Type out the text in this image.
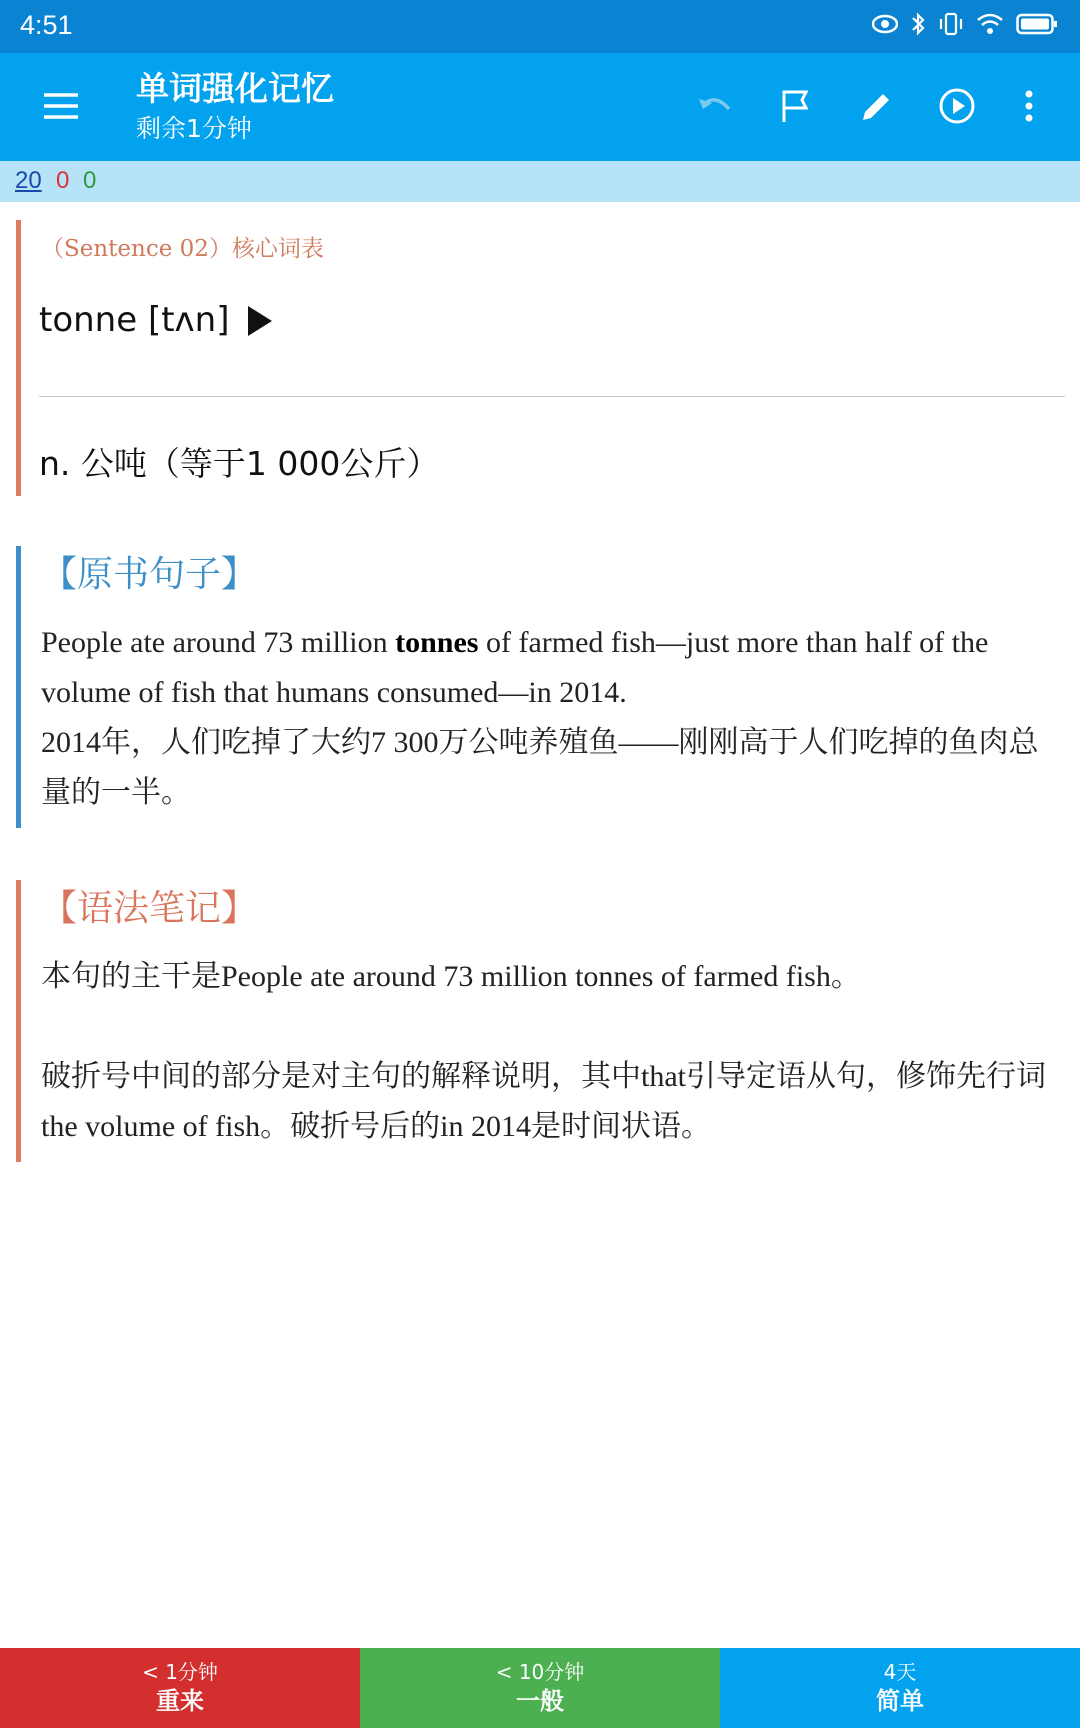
4:51
单词强化记忆
剩余1分钟
20 0 0
（Sentence 02）核心词表
tonne [tʌn]
n. 公吨（等于1 000公斤）
【原书句子】
People ate around 73 million tonnes of farmed fish—just more than half of the volume of fish that humans consumed—in 2014.
2014年，人们吃掉了大约7 300万公吨养殖鱼——刚刚高于人们吃掉的鱼肉总量的一半。
【语法笔记】
本句的主干是People ate around 73 million tonnes of farmed fish。
破折号中间的部分是对主句的解释说明，其中that引导定语从句，修饰先行词the volume of fish。破折号后的in 2014是时间状语。
< 1分钟
重来
< 10分钟
一般
4天
简单
